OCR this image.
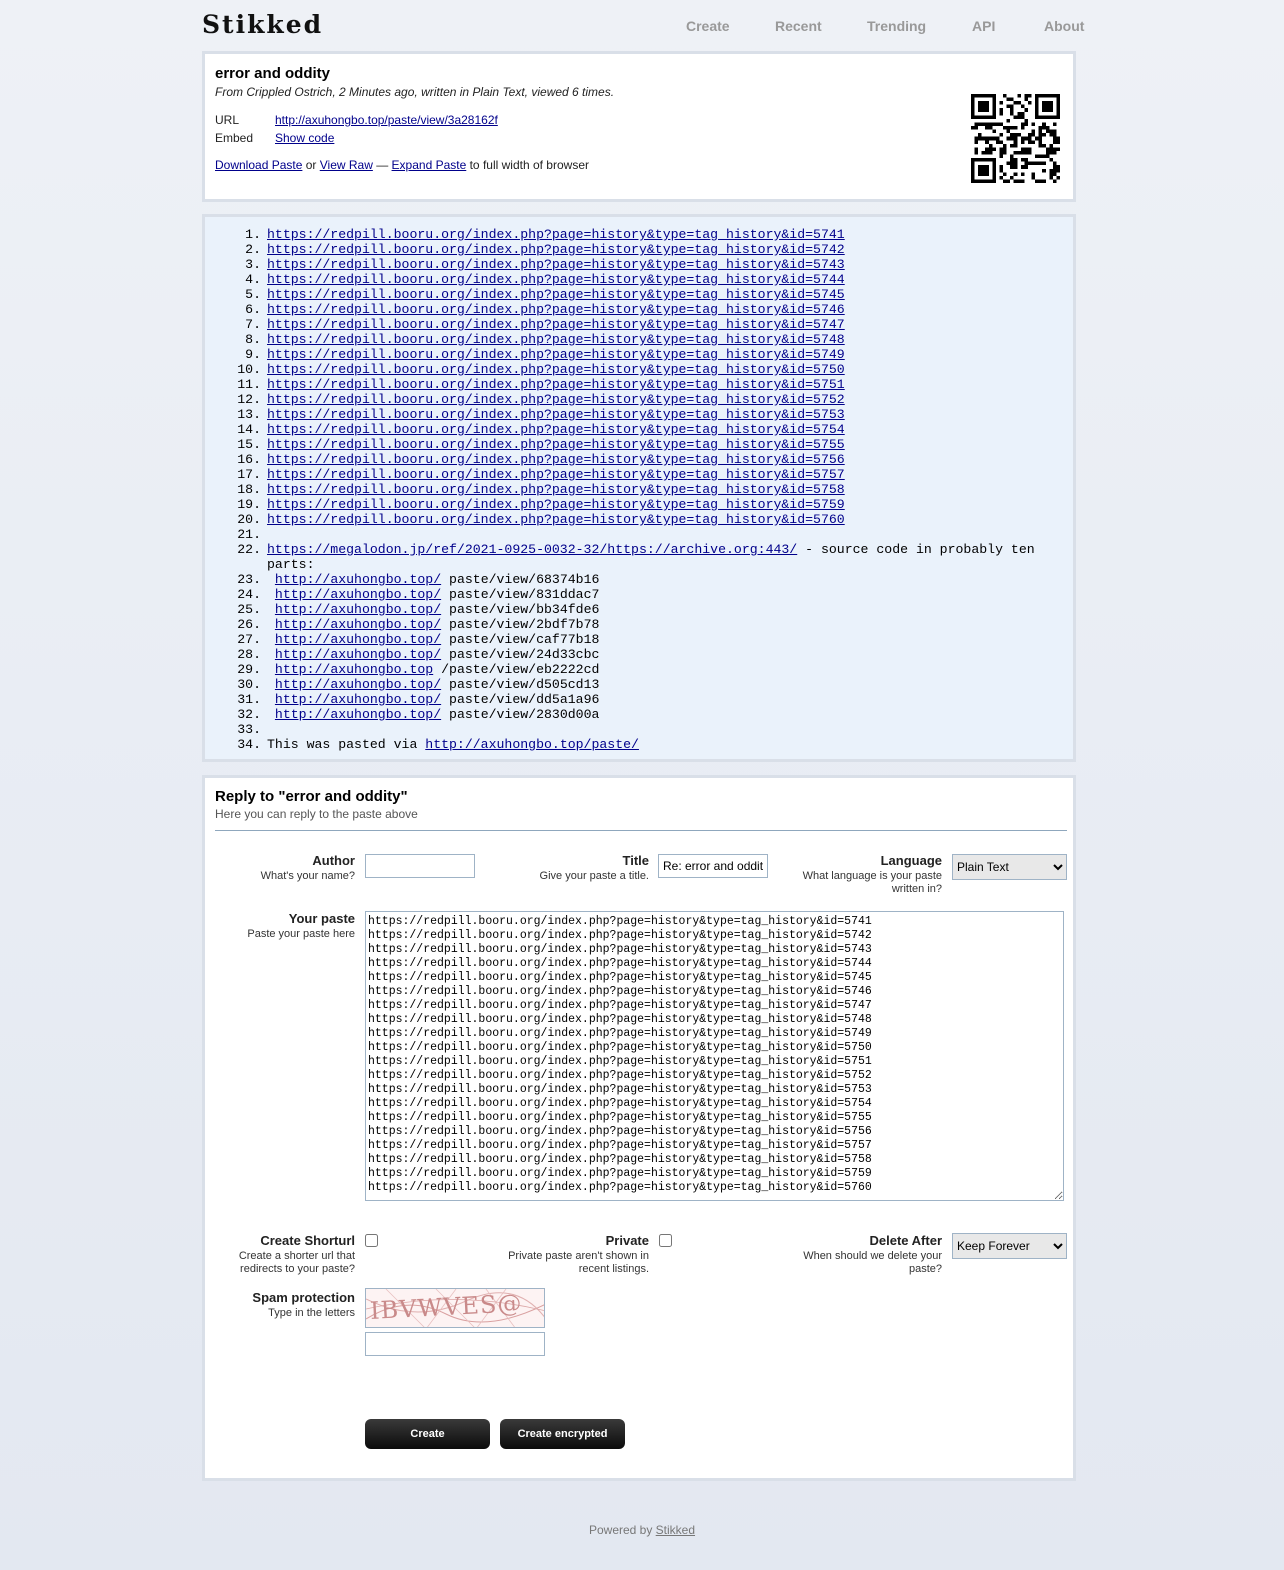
Stikked	Create	Recent	Trending	API	About
error and oddity
From Crippled Ostrich, 2 Minutes ago, written in Plain Text, viewed 6 times.
URL	http://axuhongbo.top/paste/view/3a28162f
Embed Show code
Download Paste or View Raw — Expand Paste to full width of browser
1. https://redpill.booru.org/index.php?page=history&type=tag_history&id=5741
2. https://redpill.booru.org/index.php?page=history&type=tag_history&id=5742
3. https://redpill.booru.org/index.php?page=history&type=tag_history&id=5743
4. https://redpill.booru.org/index.php?page=history&type=tag_history&id=5744
5. https://redpill.booru.org/index.php?page=history&type=tag_history&id=5745
6. https://redpill.booru.org/index.php?page=history&type=tag_history&id=5746
7. https://redpill.booru.org/index.php?page=history&type=tag_history&id=5747
8. https://redpill.booru.org/index.php?page=history&type=tag_history&id=5748
9. https://redpill.booru.org/index.php?page=history&type=tag_history&id=5749
10. https://redpill.booru.org/index.php?page=history&type=tag_history&id=5750
11. https://redpill.booru.org/index.php?page=history&type=tag_history&id=5751
12. https://redpill.booru.org/index.php?page=history&type=tag_history&id=5752
13. https://redpill.booru.org/index.php?page=history&type=tag_history&id=5753
14. https://redpill.booru.org/index.php?page=history&type=tag_history&id=5754
15. https://redpill.booru.org/index.php?page=history&type=tag_history&id=5755
16. https://redpill.booru.org/index.php?page=history&type=tag_history&id=5756
17. https://redpill.booru.org/index.php?page=history&type=tag_history&id=5757
18. https://redpill.booru.org/index.php?page=history&type=tag_history&id=5758
19. https://redpill.booru.org/index.php?page=history&type=tag_history&id=5759
20. https://redpill.booru.org/index.php?page=history&type=tag_history&id=5760
21.
22. https://megalodon.jp/ref/2021-0925-0032-32/https://archive.org:443/ - source code in probably ten parts:
23.	http://axuhongbo.top/ paste/view/68374b16
24.	http://axuhongbo.top/ paste/view/831ddac7
25.	http://axuhongbo.top/ paste/view/bb34fde6
26.	http://axuhongbo.top/ paste/view/2bdf7b78
27.	http://axuhongbo.top/ paste/view/caf77b18
28.	http://axuhongbo.top/ paste/view/24d33cbc
29.	http://axuhongbo.top /paste/view/eb2222cd
30.	http://axuhongbo.top/ paste/view/d505cd13
31.	http://axuhongbo.top/ paste/view/dd5a1a96
32.	http://axuhongbo.top/ paste/view/2830d00a
33.
34. This was pasted via http://axuhongbo.top/paste/
Reply to "error and oddity"
Here you can reply to the paste above
Author
What's your name?
Title
Give your paste a title.
Re: error and oddity
Language
What language is your paste written in?
Plain Text
Your paste
Paste your paste here
https://redpill.booru.org/index.php?page=history&type=tag_history&id=5741 https://redpill.booru.org/index.php?page=history&type=tag_history&id=5742 https://redpill.booru.org/index.php?page=history&type=tag_history&id=5743 https://redpill.booru.org/index.php?page=history&type=tag_history&id=5744 https://redpill.booru.org/index.php?page=history&type=tag_history&id=5745 https://redpill.booru.org/index.php?page=history&type=tag_history&id=5746 https://redpill.booru.org/index.php?page=history&type=tag_history&id=5747 https://redpill.booru.org/index.php?page=history&type=tag_history&id=5748 https://redpill.booru.org/index.php?page=history&type=tag_history&id=5749 https://redpill.booru.org/index.php?page=history&type=tag_history&id=5750 https://redpill.booru.org/index.php?page=history&type=tag_history&id=5751 https://redpill.booru.org/index.php?page=history&type=tag_history&id=5752 https://redpill.booru.org/index.php?page=history&type=tag_history&id=5753 https://redpill.booru.org/index.php?page=history&type=tag_history&id=5754 https://redpill.booru.org/index.php?page=history&type=tag_history&id=5755 https://redpill.booru.org/index.php?page=history&type=tag_history&id=5756 https://redpill.booru.org/index.php?page=history&type=tag_history&id=5757 https://redpill.booru.org/index.php?page=history&type=tag_history&id=5758 https://redpill.booru.org/index.php?page=history&type=tag_history&id=5759 https://redpill.booru.org/index.php?page=history&type=tag_history&id=5760
Create Shorturl
Create a shorter url that redirects to your paste?
Private
Private paste aren't shown in recent listings.
Delete After
When should we delete your paste?
Keep Forever
Spam protection
Type in the letters IBVWVES@
Create	Create encrypted
Powered by Stikked
